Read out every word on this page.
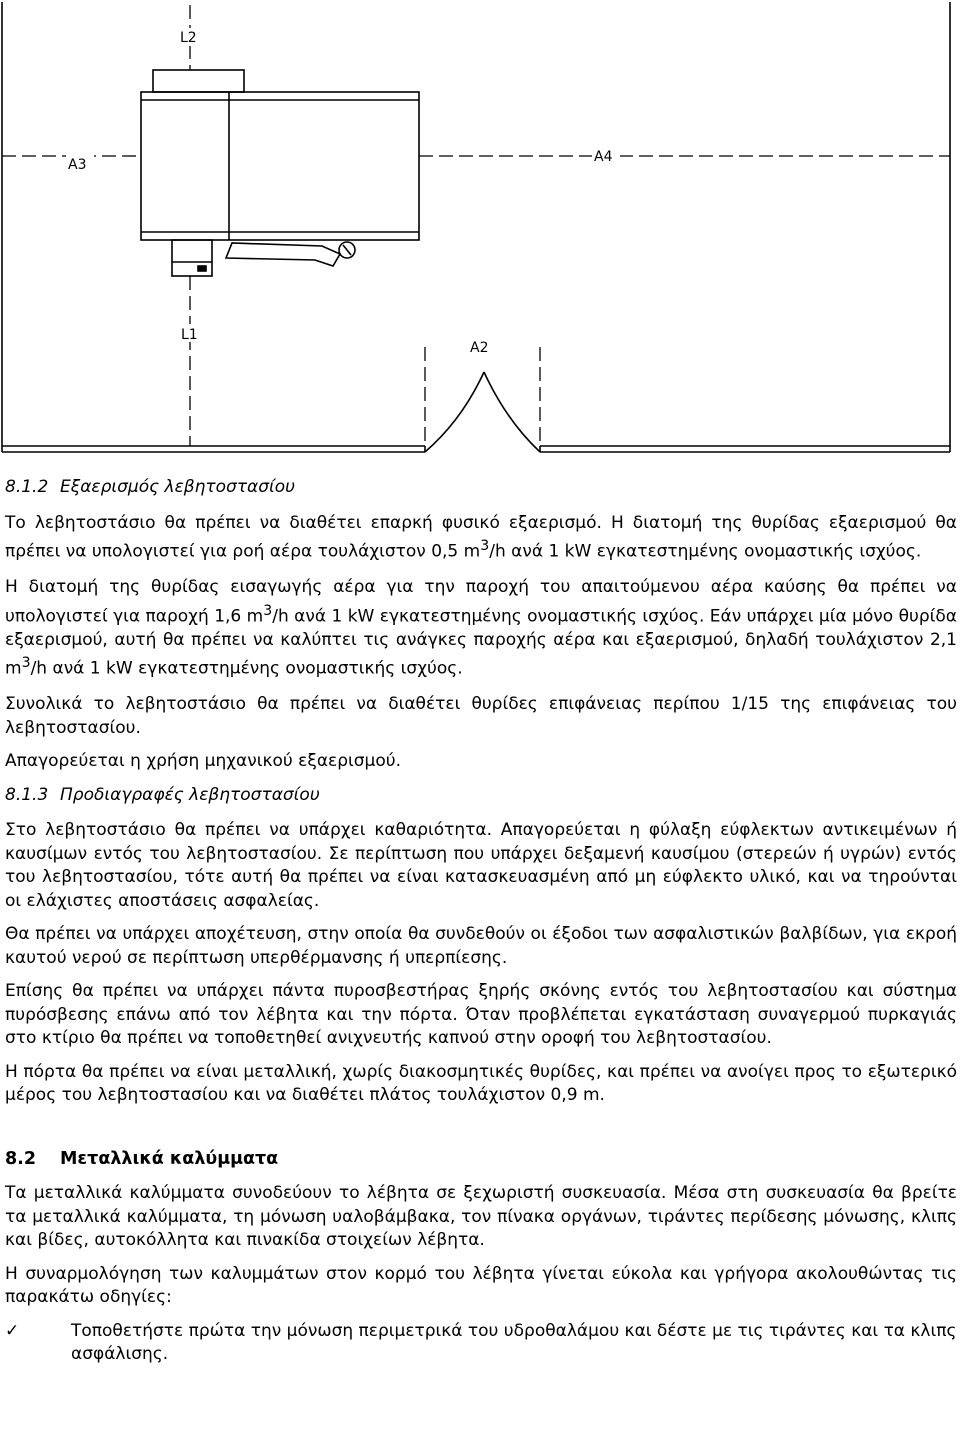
L2
A3	A4
L1
A2
8.1.2 Εξαερισμός λεβητοστασίου

Το λεβητοστάσιο θα πρέπει να διαθέτει επαρκή φυσικό εξαερισμό. Η διατομή της θυρίδας εξαερισμού θα πρέπει να υπολογιστεί για ροή αέρα τουλάχιστον 0,5 $m^3/h$ ανά 1 kW εγκατεστημένης ονομαστικής ισχύος.

Η διατομή της θυρίδας εισαγωγής αέρα για την παροχή του απαιτούμενου αέρα καύσης θα πρέπει να υπολογιστεί για παροχή 1,6 $m^3/h$ ανά 1 kW εγκατεστημένης ονομαστικής ισχύος. Εάν υπάρχει μία μόνο θυρίδα εξαερισμού, αυτή θα πρέπει να καλύπτει τις ανάγκες παροχής αέρα και εξαερισμού, δηλαδή τουλάχιστον 2,1 $m^3/h$ ανά 1 kW εγκατεστημένης ονομαστικής ισχύος.

Συνολικά το λεβητοστάσιο θα πρέπει να διαθέτει θυρίδες επιφάνειας περίπου 1/15 της επιφάνειας του λεβητοστασίου.

Απαγορεύεται η χρήση μηχανικού εξαερισμού.

8.1.3 Προδιαγραφές λεβητοστασίου

Στο λεβητοστάσιο θα πρέπει να υπάρχει καθαριότητα. Απαγορεύεται η φύλαξη εύφλεκτων αντικειμένων ή καυσίμων εντός του λεβητοστασίου. Σε περίπτωση που υπάρχει δεξαμενή καυσίμου (στερεών ή υγρών) εντός του λεβητοστασίου, τότε αυτή θα πρέπει να είναι κατασκευασμένη από μη εύφλεκτο υλικό, και να τηρούνται οι ελάχιστες αποστάσεις ασφαλείας.

Θα πρέπει να υπάρχει αποχέτευση, στην οποία θα συνδεθούν οι έξοδοι των ασφαλιστικών βαλβίδων, για εκροή καυτού νερού σε περίπτωση υπερθέρμανσης ή υπερπίεσης.

Επίσης θα πρέπει να υπάρχει πάντα πυροσβεστήρας ξηρής σκόνης εντός του λεβητοστασίου και σύστημα πυρόσβεσης επάνω από τον λέβητα και την πόρτα. Όταν προβλέπεται εγκατάσταση συναγερμού πυρκαγιάς στο κτίριο θα πρέπει να τοποθετηθεί ανιχνευτής καπνού στην οροφή του λεβητοστασίου.

Η πόρτα θα πρέπει να είναι μεταλλική, χωρίς διακοσμητικές θυρίδες, και πρέπει να ανοίγει προς το εξωτερικό μέρος του λεβητοστασίου και να διαθέτει πλάτος τουλάχιστον 0,9 m.

8.2 Μεταλλικά καλύμματα

Τα μεταλλικά καλύμματα συνοδεύουν το λέβητα σε ξεχωριστή συσκευασία. Μέσα στη συσκευασία θα βρείτε τα μεταλλικά καλύμματα, τη μόνωση υαλοβάμβακα, τον πίνακα οργάνων, τιράντες περίδεσης μόνωσης, κλιπς και βίδες, αυτοκόλλητα και πινακίδα στοιχείων λέβητα.

Η συναρμολόγηση των καλυμμάτων στον κορμό του λέβητα γίνεται εύκολα και γρήγορα ακολουθώντας τις παρακάτω οδηγίες:

✓	Τοποθετήστε πρώτα την μόνωση περιμετρικά του υδροθαλάμου και δέστε με τις τιράντες και τα κλιπς ασφάλισης.
